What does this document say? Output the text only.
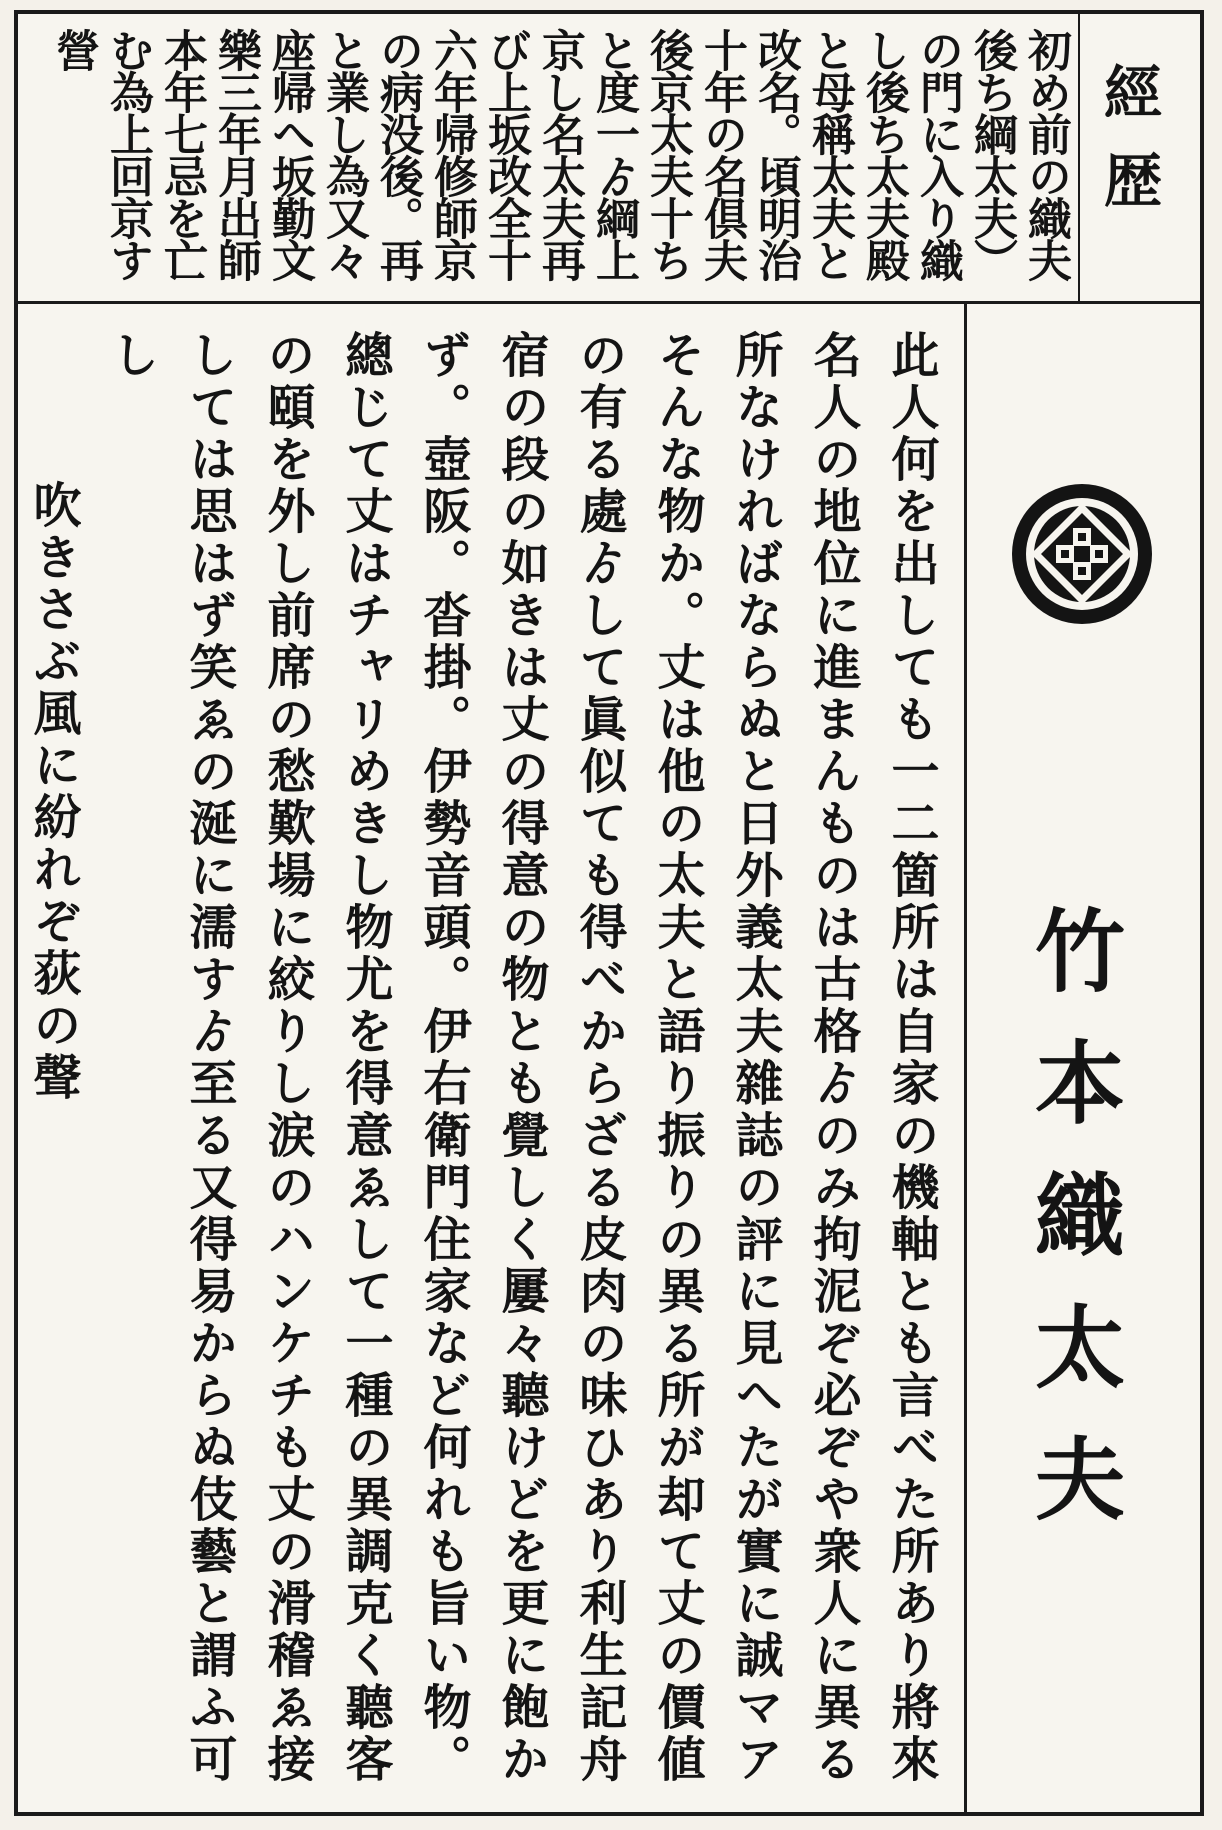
經歴
初め前の織夫後ち綱太夫）の門に入り織し後ち太夫殿と母稱太夫と改名。頃明治十年の名倶夫後京太夫十ちと度一ゟ綱上京し名太夫再び上坂改全十六年帰修師京の病没後。再と業し為又々座帰へ坂勤文樂三年月出師本年七忌を亡む為上回京す營
竹本織太夫
此人何を出しても一二箇所は自家の機軸とも言べた所あり將來名人の地位に進まんものは古格ゟのみ拘泥ぞ必ぞや衆人に異る所なければならぬと日外義太夫雜誌の評に見へたが實に誠マアそんな物か。丈は他の太夫と語り振りの異る所が却て丈の價値の有る處ゟして眞似ても得べからざる皮肉の味ひあり利生記舟宿の段の如きは丈の得意の物とも覺しく屢々聽けどを更に飽かず。壺阪。沓掛。伊勢音頭。伊右衛門住家など何れも旨い物。總じて丈はチャリめきし物尤を得意ゑして一種の異調克く聽客の頤を外し前席の愁歎場に絞りし涙のハンケチも丈の滑稽ゑ接しては思はず笑ゑの涎に濡すゟ至る又得易からぬ伎藝と謂ふ可し
吹きさぶ風に紛れぞ荻の聲
